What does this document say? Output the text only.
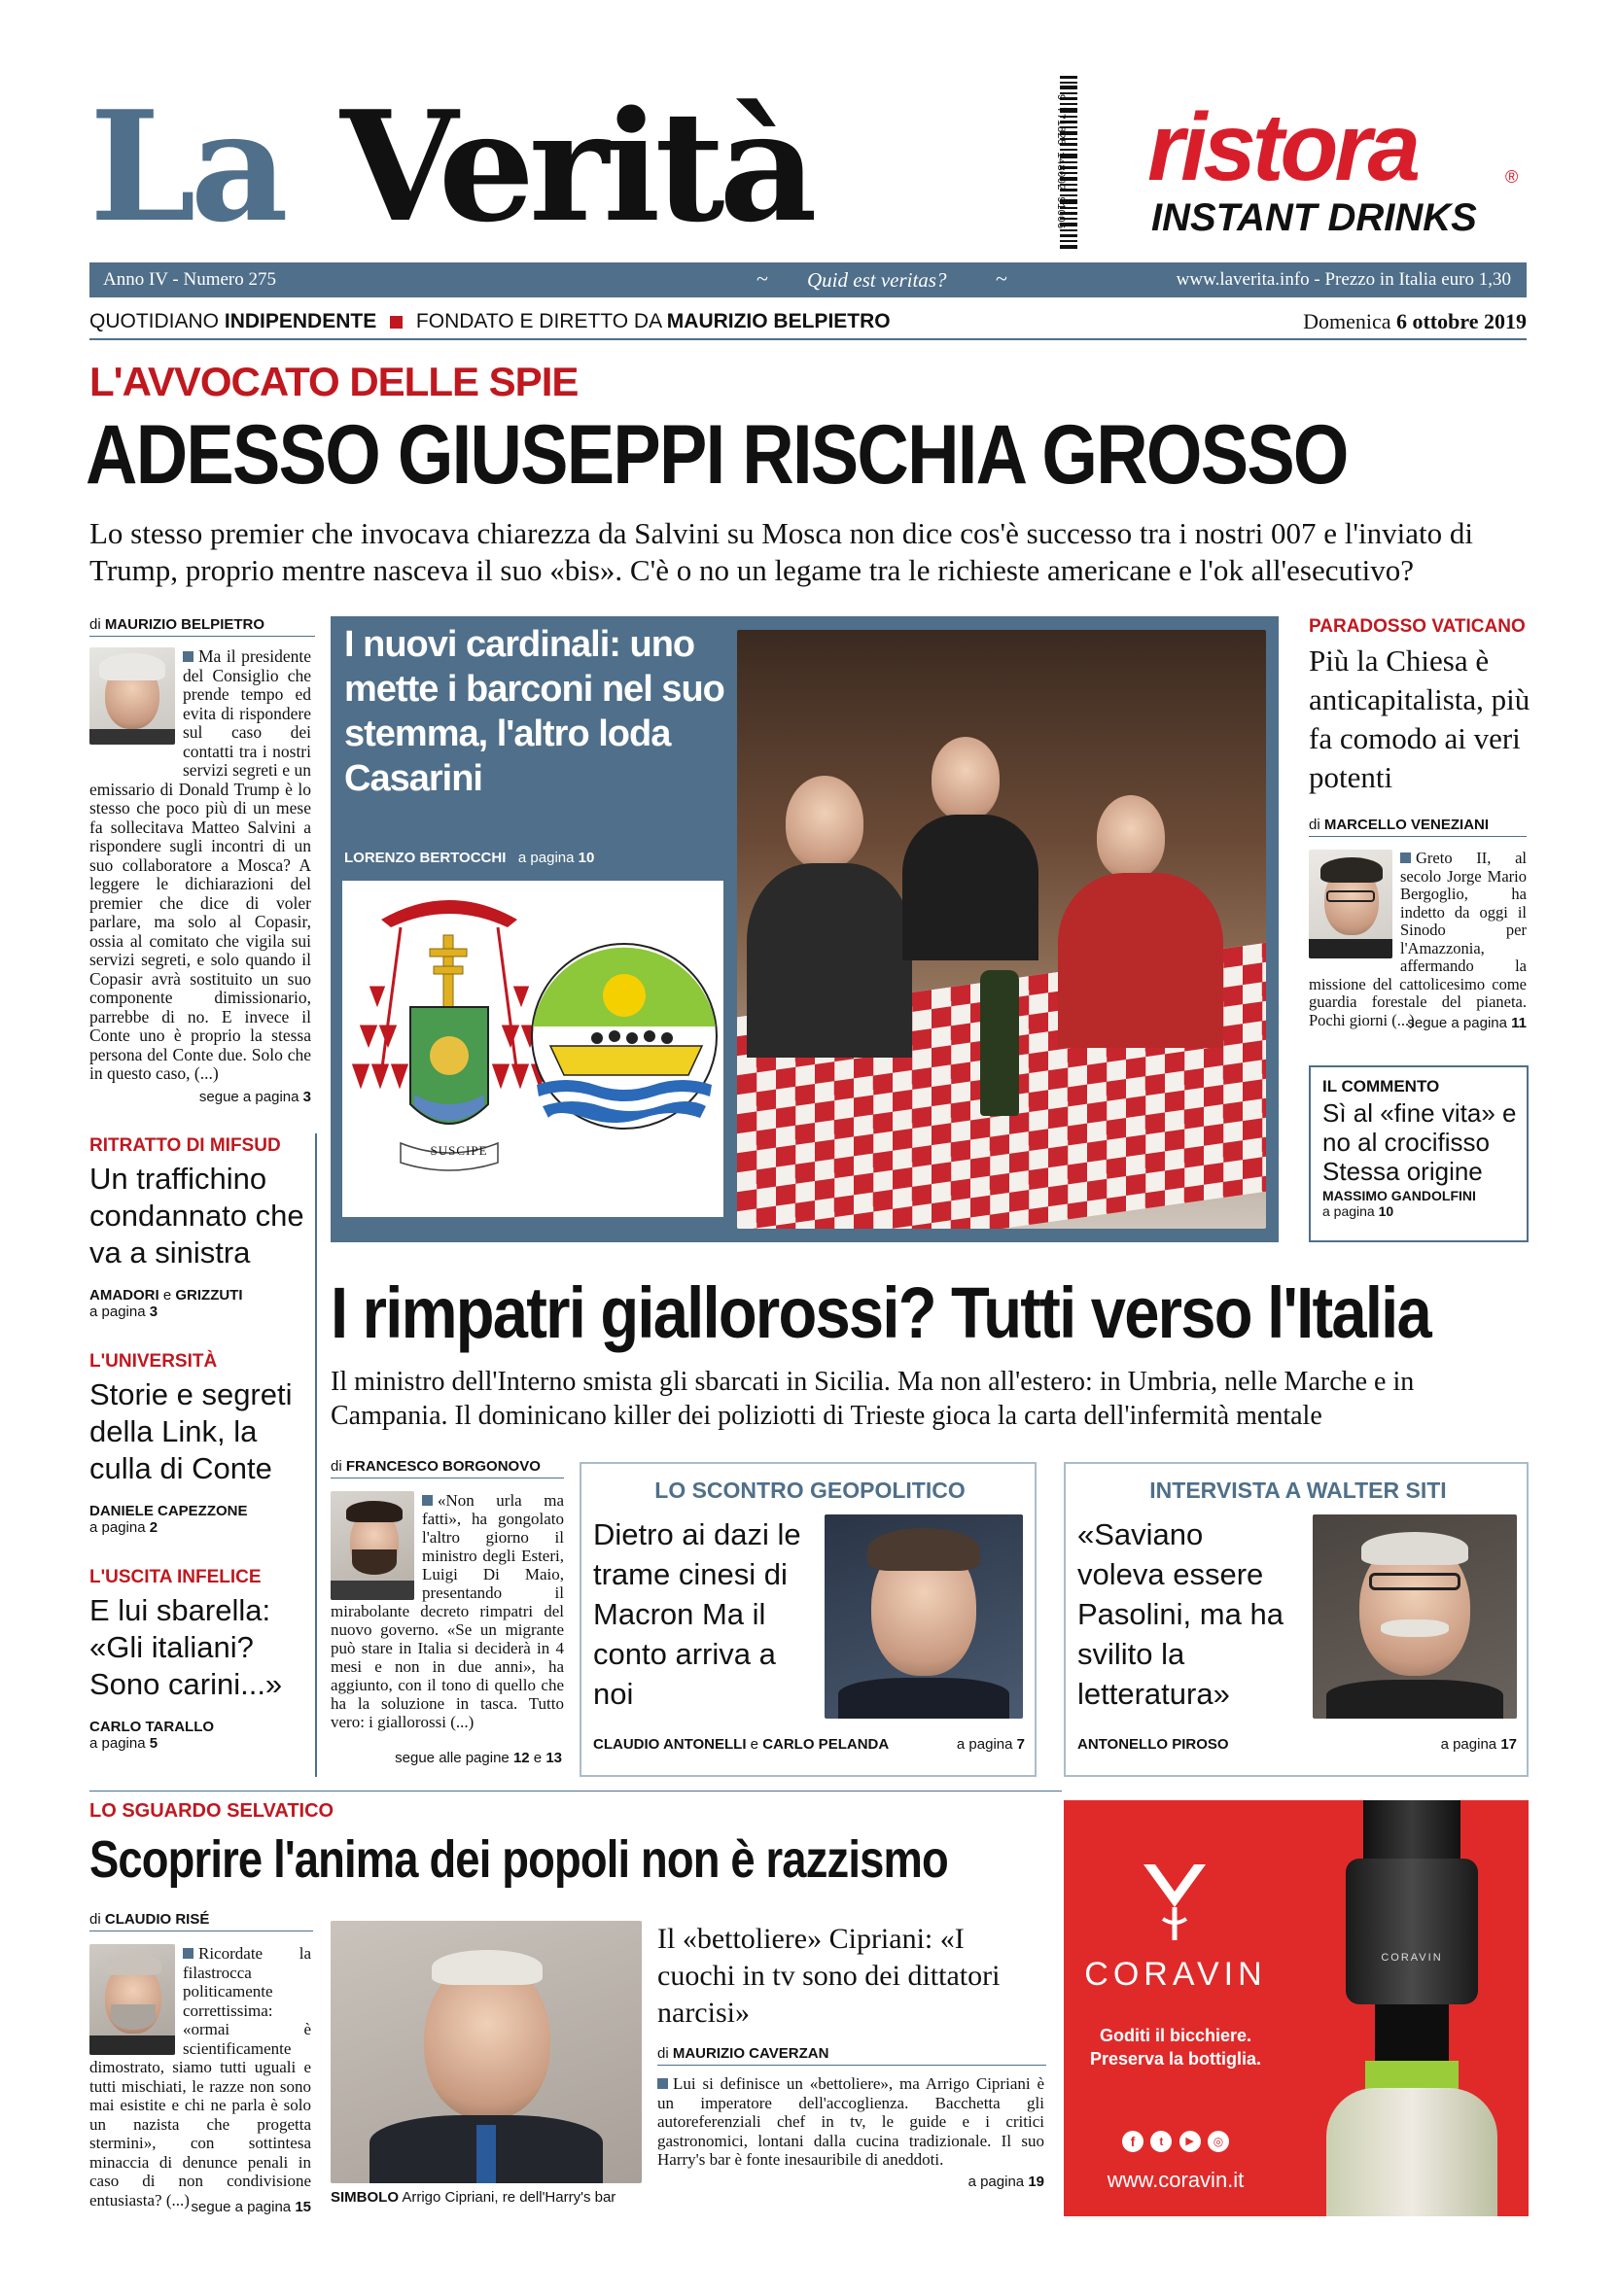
La Verità	9 771825 148002 91006 ristora	®
INSTANT DRINKS
Anno IV - Numero 275	~ Quid est veritas? ~	www.laverita.info - Prezzo in Italia euro 1,30
QUOTIDIANO INDIPENDENTE FONDATO E DIRETTO DA MAURIZIO BELPIETRO	Domenica 6 ottobre 2019
L'AVVOCATO DELLE SPIE
ADESSO GIUSEPPI RISCHIA GROSSO
Lo stesso premier che invocava chiarezza da Salvini su Mosca non dice cos'è successo tra i nostri 007 e l'inviato di Trump, proprio mentre nasceva il suo «bis». C'è o no un legame tra le richieste americane e l'ok all'esecutivo?
di MAURIZIO BELPIETRO
Ma il presidente del Consiglio che prende tempo ed evita di rispondere sul caso dei contatti tra i nostri servizi segreti e un emissario di Donald Trump è lo stesso che poco più di un mese fa sollecitava Matteo Salvini a rispondere sugli incontri di un suo collaboratore a Mosca? A leggere le dichiarazioni del premier che dice di voler parlare, ma solo al Copasir, ossia al comitato che vigila sui servizi segreti, e solo quando il Copasir avrà sostituito un suo componente dimissionario, parrebbe di no. E invece il Conte uno è proprio la stessa persona del Conte due. Solo che in questo caso, (...)
segue a pagina 3
RITRATTO DI MIFSUD
Un traffichino condannato che va a sinistra
AMADORI e GRIZZUTI
a pagina 3
L'UNIVERSITÀ
Storie e segreti della Link, la culla di Conte
DANIELE CAPEZZONE
a pagina 2
L'USCITA INFELICE
E lui sbarella: «Gli italiani? Sono carini...»
CARLO TARALLO
a pagina 5
I nuovi cardinali: uno mette i barconi nel suo stemma, l'altro loda Casarini
LORENZO BERTOCCHI a pagina 10
SUSCIPE
PARADOSSO VATICANO
Più la Chiesa è anticapitalista, più fa comodo ai veri potenti
di MARCELLO VENEZIANI
Greto II, al secolo Jorge Mario Bergoglio, ha indetto da oggi il Sinodo per l'Amazzonia, affermando la missione del cattolicesimo come guardia forestale del pianeta. Pochi giorni (...)
segue a pagina 11
IL COMMENTO
Sì al «fine vita» e no al crocifisso Stessa origine
MASSIMO GANDOLFINI
a pagina 10
I rimpatri giallorossi? Tutti verso l'Italia
Il ministro dell'Interno smista gli sbarcati in Sicilia. Ma non all'estero: in Umbria, nelle Marche e in Campania. Il dominicano killer dei poliziotti di Trieste gioca la carta dell'infermità mentale
di FRANCESCO BORGONOVO
«Non urla ma fatti», ha gongolato l'altro giorno il ministro degli Esteri, Luigi Di Maio, presentando il mirabolante decreto rimpatri del nuovo governo. «Se un migrante può stare in Italia si deciderà in 4 mesi e non in due anni», ha aggiunto, con il tono di quello che ha la soluzione in tasca. Tutto vero: i giallorossi (...)
segue alle pagine 12 e 13
LO SCONTRO GEOPOLITICO
Dietro ai dazi le trame cinesi di Macron Ma il conto arriva a noi
CLAUDIO ANTONELLI e CARLO PELANDA	a pagina 7
INTERVISTA A WALTER SITI
«Saviano voleva essere Pasolini, ma ha svilito la letteratura»
ANTONELLO PIROSO	a pagina 17
LO SGUARDO SELVATICO
Scoprire l'anima dei popoli non è razzismo
di CLAUDIO RISÉ
Ricordate la filastrocca politicamente correttissima: «ormai è scientificamente dimostrato, siamo tutti uguali e tutti mischiati, le razze non sono mai esistite e chi ne parla è solo un nazista che progetta stermini», con sottintesa minaccia di denunce penali in caso di non condivisione entusiasta? (...) segue a pagina 15
SIMBOLO Arrigo Cipriani, re dell'Harry's bar
Il «bettoliere» Cipriani: «I cuochi in tv sono dei dittatori narcisi»
di MAURIZIO CAVERZAN
Lui si definisce un «bettoliere», ma Arrigo Cipriani è un imperatore dell'accoglienza. Bacchetta gli autoreferenziali chef in tv, le guide e i critici gastronomici, lontani dalla cucina tradizionale. Il suo Harry's bar è fonte inesauribile di aneddoti.
a pagina 19
CORAVIN
Goditi il bicchiere.
Preserva la bottiglia.
f	t	▶	◎
www.coravin.it
CORAVIN
